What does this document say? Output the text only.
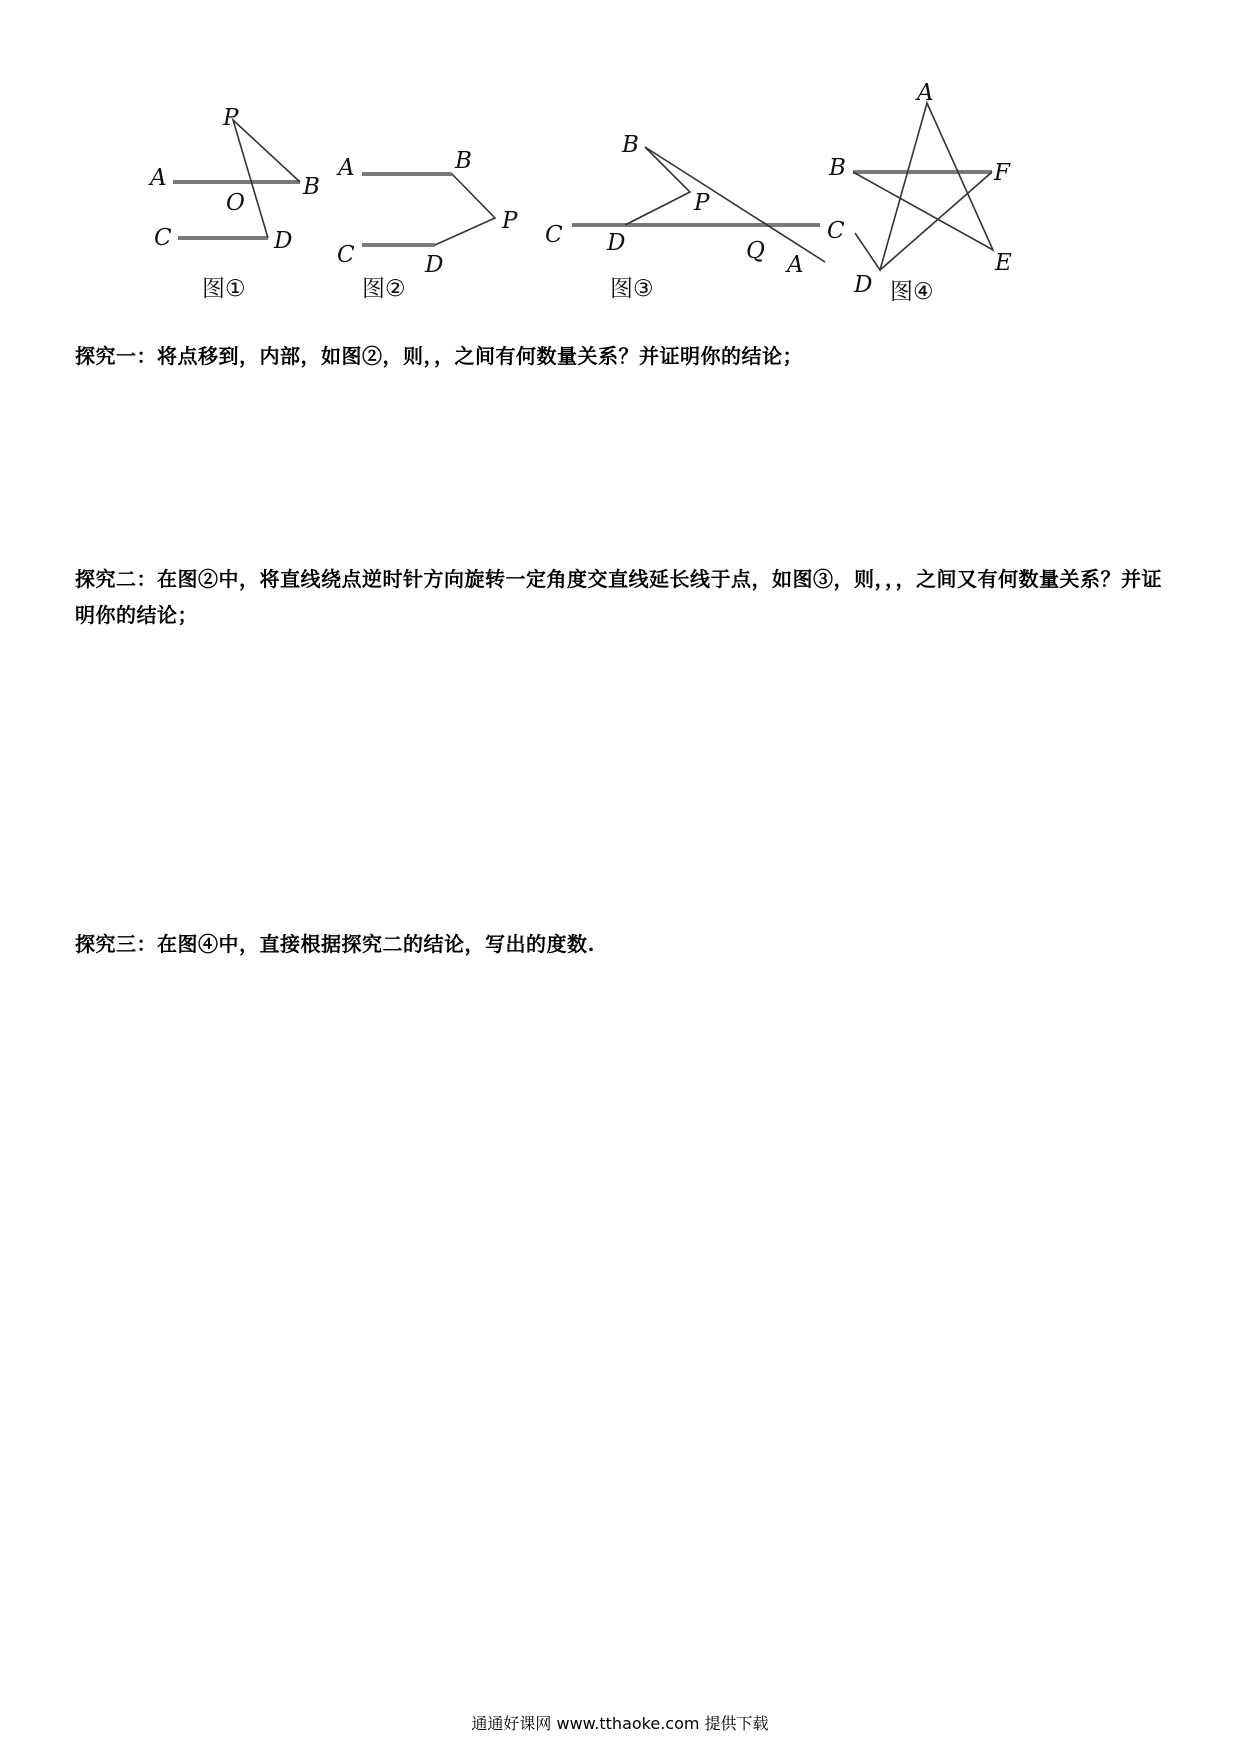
P
A
O
B
C	D
图①
A	B
P
C	D
图②
B
P
C D	Q
A
图③
A
B	F
C
E
D 图④
探究一：将点移到，内部，如图②，则，，之间有何数量关系？并证明你的结论；
探究二：在图②中，将直线绕点逆时针方向旋转一定角度交直线延长线于点，如图③，则，，，之间又有何数量关系？并证明你的结论；
探究三：在图④中，直接根据探究二的结论，写出的度数.
通通好课网 www.tthaoke.com 提供下载
